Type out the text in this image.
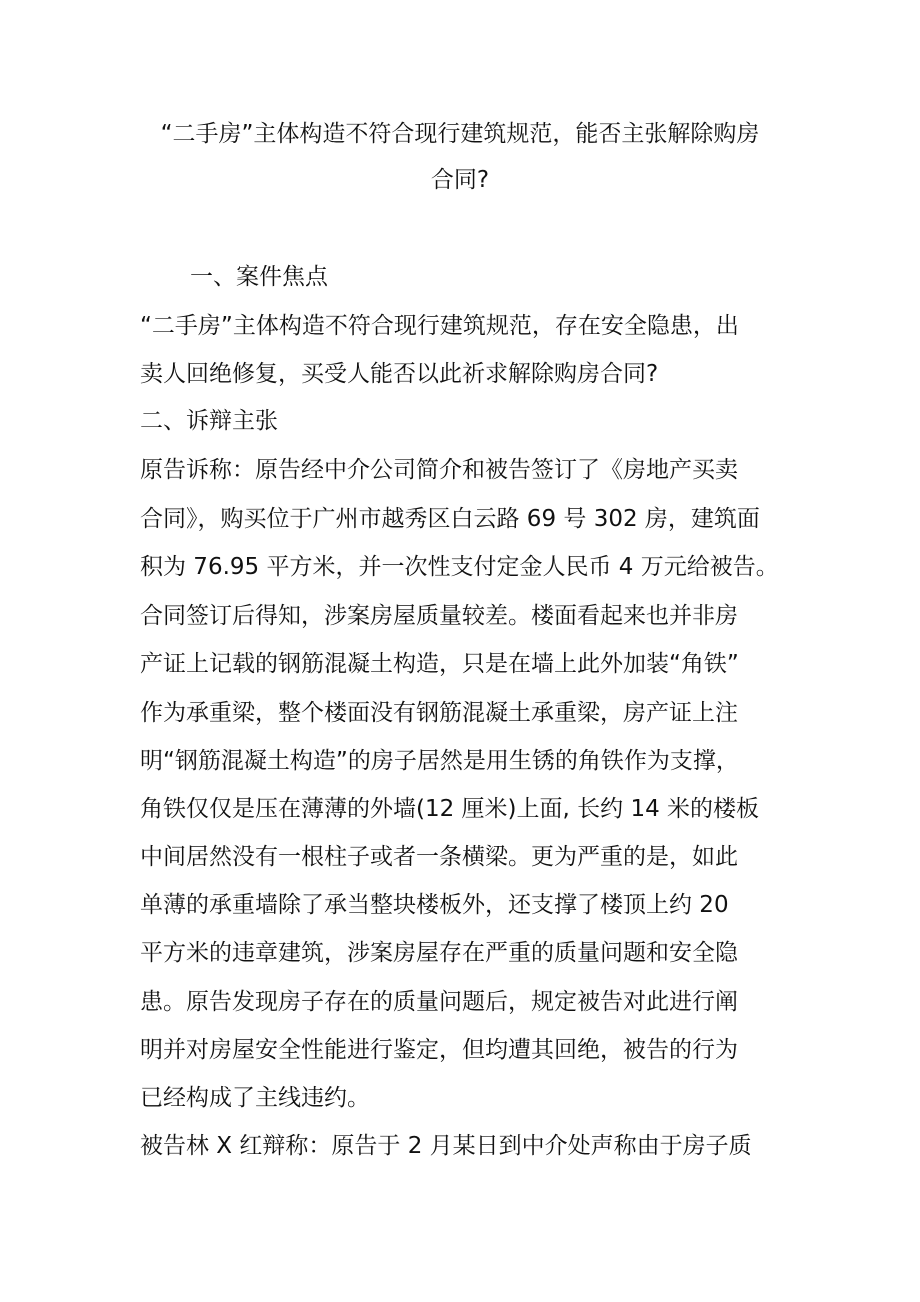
“二手房”主体构造不符合现行建筑规范，能否主张解除购房
合同?

一、案件焦点

“二手房”主体构造不符合现行建筑规范，存在安全隐患，出

卖人回绝修复，买受人能否以此祈求解除购房合同?

二、诉辩主张

原告诉称：原告经中介公司简介和被告签订了《房地产买卖

合同》，购买位于广州市越秀区白云路 69 号 302 房，建筑面

积为 76.95 平方米，并一次性支付定金人民币 4 万元给被告。

合同签订后得知，涉案房屋质量较差。楼面看起来也并非房

产证上记载的钢筋混凝土构造，只是在墙上此外加装“角铁”

作为承重梁，整个楼面没有钢筋混凝土承重梁，房产证上注

明“钢筋混凝土构造”的房子居然是用生锈的角铁作为支撑，

角铁仅仅是压在薄薄的外墙(12 厘米)上面, 长约 14 米的楼板

中间居然没有一根柱子或者一条横梁。更为严重的是，如此

单薄的承重墙除了承当整块楼板外，还支撑了楼顶上约 20

平方米的违章建筑，涉案房屋存在严重的质量问题和安全隐

患。原告发现房子存在的质量问题后，规定被告对此进行阐

明并对房屋安全性能进行鉴定，但均遭其回绝，被告的行为

已经构成了主线违约。

被告林 X 红辩称：原告于 2 月某日到中介处声称由于房子质
